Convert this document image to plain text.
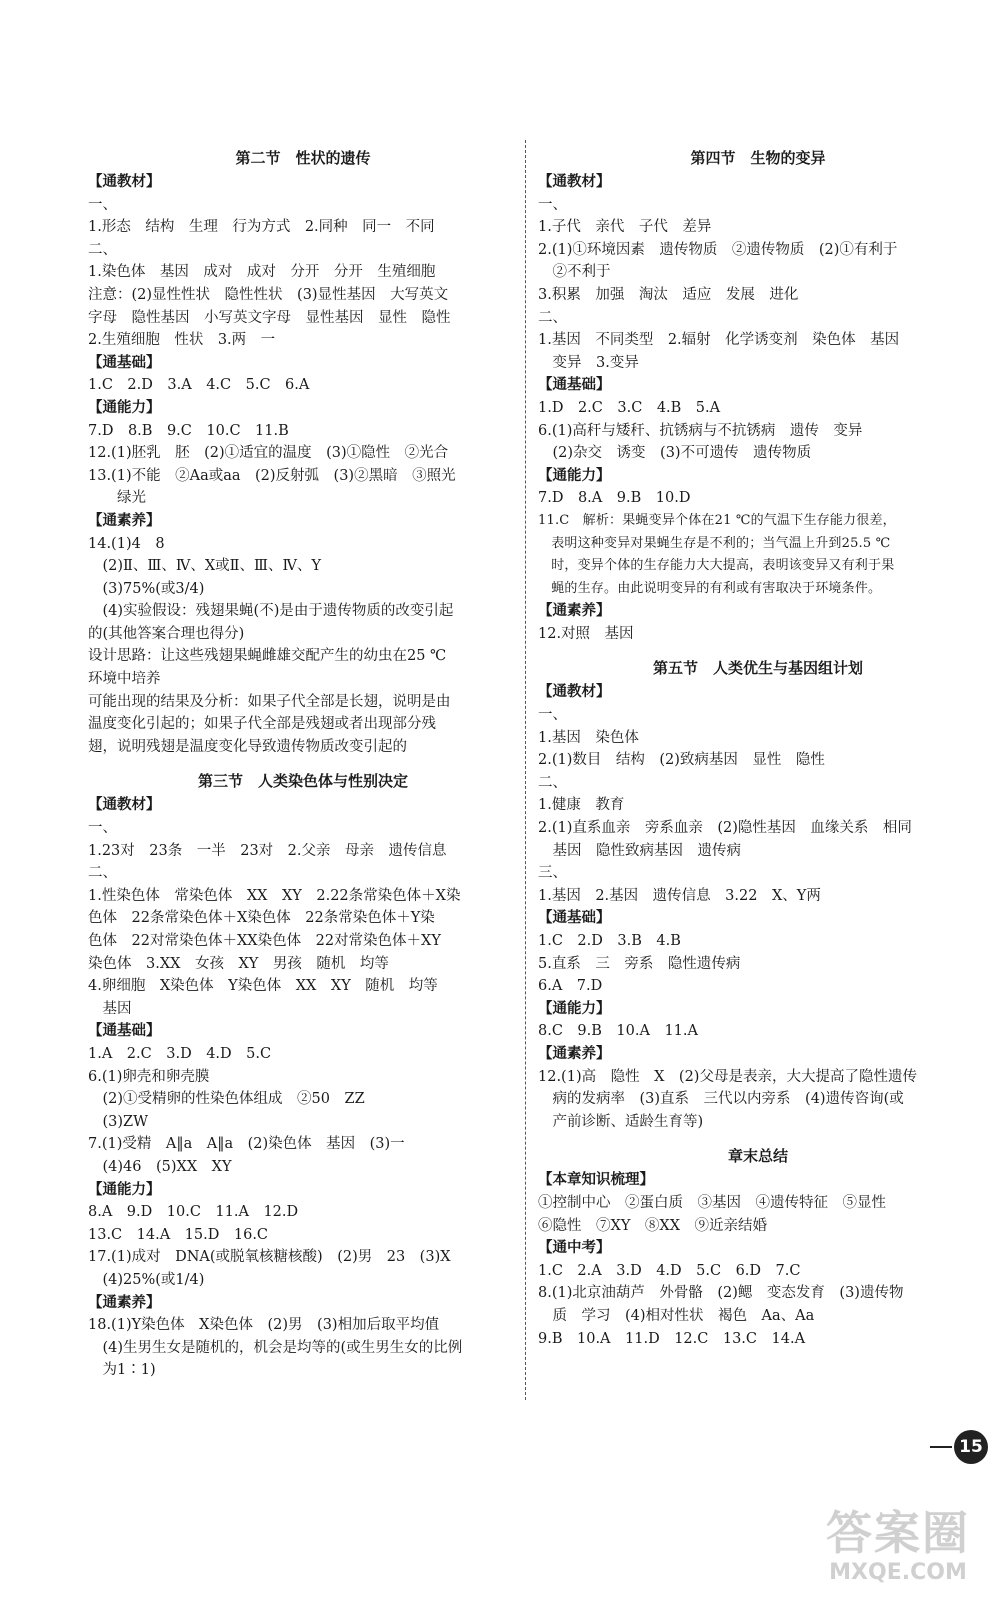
第二节　性状的遗传
【通教材】
一、
1.形态　结构　生理　行为方式　2.同种　同一　不同
二、
1.染色体　基因　成对　成对　分开　分开　生殖细胞
注意：(2)显性性状　隐性性状　(3)显性基因　大写英文
字母　隐性基因　小写英文字母　显性基因　显性　隐性
2.生殖细胞　性状　3.两　一
【通基础】
1.C　2.D　3.A　4.C　5.C　6.A
【通能力】
7.D　8.B　9.C　10.C　11.B
12.(1)胚乳　胚　(2)①适宜的温度　(3)①隐性　②光合
13.(1)不能　②Aa或aa　(2)反射弧　(3)②黑暗　③照光
　　绿光
【通素养】
14.(1)4　8
　(2)Ⅱ、Ⅲ、Ⅳ、X或Ⅱ、Ⅲ、Ⅳ、Y
　(3)75%(或3/4)
　(4)实验假设：残翅果蝇(不)是由于遗传物质的改变引起
的(其他答案合理也得分)
设计思路：让这些残翅果蝇雌雄交配产生的幼虫在25 ℃
环境中培养
可能出现的结果及分析：如果子代全部是长翅，说明是由
温度变化引起的；如果子代全部是残翅或者出现部分残
翅，说明残翅是温度变化导致遗传物质改变引起的
第三节　人类染色体与性别决定
【通教材】
一、
1.23对　23条　一半　23对　2.父亲　母亲　遗传信息
二、
1.性染色体　常染色体　XX　XY　2.22条常染色体＋X染
色体　22条常染色体＋X染色体　22条常染色体＋Y染
色体　22对常染色体＋XX染色体　22对常染色体＋XY
染色体　3.XX　女孩　XY　男孩　随机　均等
4.卵细胞　X染色体　Y染色体　XX　XY　随机　均等
　基因
【通基础】
1.A　2.C　3.D　4.D　5.C
6.(1)卵壳和卵壳膜
　(2)①受精卵的性染色体组成　②50　ZZ
　(3)ZW
7.(1)受精　A‖a　A‖a　(2)染色体　基因　(3)一
　(4)46　(5)XX　XY
【通能力】
8.A　9.D　10.C　11.A　12.D
13.C　14.A　15.D　16.C
17.(1)成对　DNA(或脱氧核糖核酸)　(2)男　23　(3)X
　(4)25%(或1/4)
【通素养】
18.(1)Y染色体　X染色体　(2)男　(3)相加后取平均值
　(4)生男生女是随机的，机会是均等的(或生男生女的比例
　为1∶1)
第四节　生物的变异
【通教材】
一、
1.子代　亲代　子代　差异
2.(1)①环境因素　遗传物质　②遗传物质　(2)①有利于
　②不利于
3.积累　加强　淘汰　适应　发展　进化
二、
1.基因　不同类型　2.辐射　化学诱变剂　染色体　基因
　变异　3.变异
【通基础】
1.D　2.C　3.C　4.B　5.A
6.(1)高秆与矮秆、抗锈病与不抗锈病　遗传　变异
　(2)杂交　诱变　(3)不可遗传　遗传物质
【通能力】
7.D　8.A　9.B　10.D
11.C　解析：果蝇变异个体在21 ℃的气温下生存能力很差，
　表明这种变异对果蝇生存是不利的；当气温上升到25.5 ℃
　时，变异个体的生存能力大大提高，表明该变异又有利于果
　蝇的生存。由此说明变异的有利或有害取决于环境条件。
【通素养】
12.对照　基因
第五节　人类优生与基因组计划
【通教材】
一、
1.基因　染色体
2.(1)数目　结构　(2)致病基因　显性　隐性
二、
1.健康　教育
2.(1)直系血亲　旁系血亲　(2)隐性基因　血缘关系　相同
　基因　隐性致病基因　遗传病
三、
1.基因　2.基因　遗传信息　3.22　X、Y两
【通基础】
1.C　2.D　3.B　4.B
5.直系　三　旁系　隐性遗传病
6.A　7.D
【通能力】
8.C　9.B　10.A　11.A
【通素养】
12.(1)高　隐性　X　(2)父母是表亲，大大提高了隐性遗传
　病的发病率　(3)直系　三代以内旁系　(4)遗传咨询(或
　产前诊断、适龄生育等)
章末总结
【本章知识梳理】
①控制中心　②蛋白质　③基因　④遗传特征　⑤显性
⑥隐性　⑦XY　⑧XX　⑨近亲结婚
【通中考】
1.C　2.A　3.D　4.D　5.C　6.D　7.C
8.(1)北京油葫芦　外骨骼　(2)鳃　变态发育　(3)遗传物
　质　学习　(4)相对性状　褐色　Aa、Aa
9.B　10.A　11.D　12.C　13.C　14.A
15
答案圈
MXQE.COM
